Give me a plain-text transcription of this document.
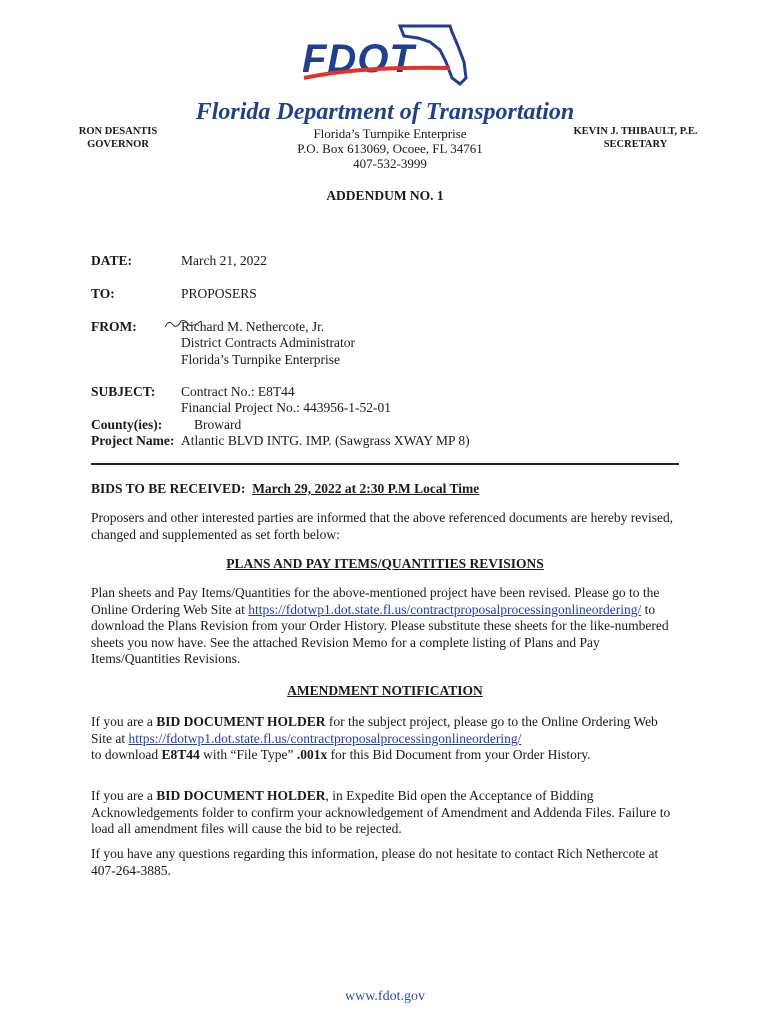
FDOT
Florida Department of Transportation
RON DESANTIS
GOVERNOR
Florida’s Turnpike Enterprise
P.O. Box 613069, Ocoee, FL 34761
407-532-3999
KEVIN J. THIBAULT, P.E.
SECRETARY
ADDENDUM NO. 1
DATE:	March 21, 2022
TO:	PROPOSERS
FROM:	Richard M. Nethercote, Jr.
District Contracts Administrator
Florida’s Turnpike Enterprise
SUBJECT: Contract No.: E8T44
Financial Project No.: 443956-1-52-01
County(ies): Broward
Project Name: Atlantic BLVD INTG. IMP. (Sawgrass XWAY MP 8)
BIDS TO BE RECEIVED: March 29, 2022 at 2:30 P.M Local Time
Proposers and other interested parties are informed that the above referenced documents are hereby revised, changed and supplemented as set forth below:
PLANS AND PAY ITEMS/QUANTITIES REVISIONS
Plan sheets and Pay Items/Quantities for the above-mentioned project have been revised. Please go to the Online Ordering Web Site at https://fdotwp1.dot.state.fl.us/contractproposalprocessingonlineordering/ to download the Plans Revision from your Order History. Please substitute these sheets for the like-numbered sheets you now have. See the attached Revision Memo for a complete listing of Plans and Pay Items/Quantities Revisions.
AMENDMENT NOTIFICATION
If you are a BID DOCUMENT HOLDER for the subject project, please go to the Online Ordering Web Site at https://fdotwp1.dot.state.fl.us/contractproposalprocessingonlineordering/
to download E8T44 with “File Type” .001x for this Bid Document from your Order History.
If you are a BID DOCUMENT HOLDER, in Expedite Bid open the Acceptance of Bidding Acknowledgements folder to confirm your acknowledgement of Amendment and Addenda Files. Failure to load all amendment files will cause the bid to be rejected.
If you have any questions regarding this information, please do not hesitate to contact Rich Nethercote at 407-264-3885.
www.fdot.gov
